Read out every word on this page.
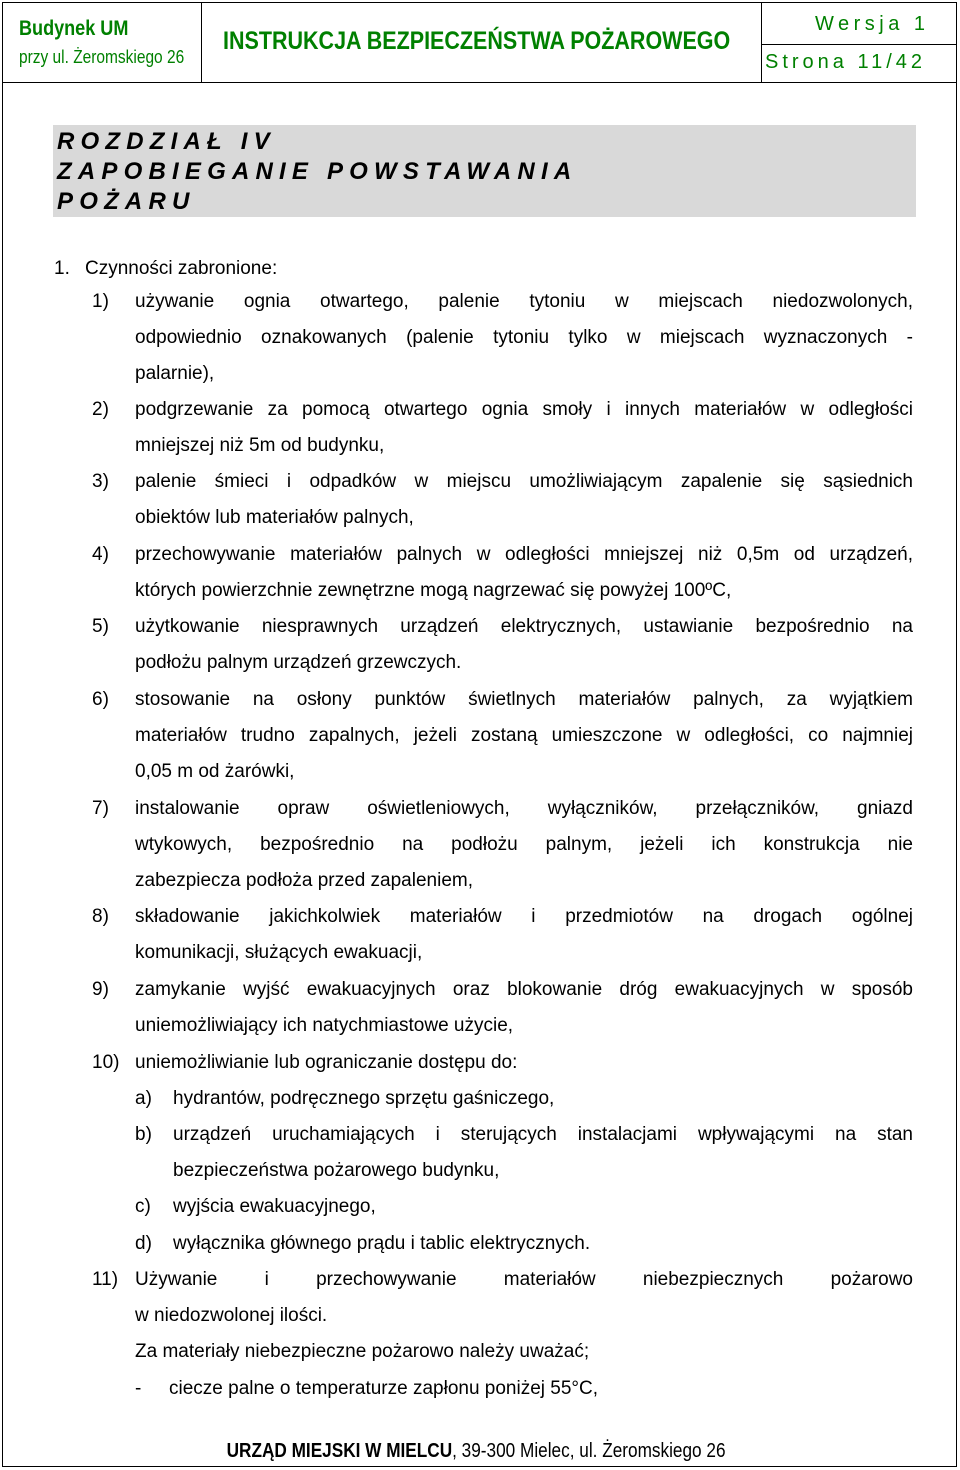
Budynek UM
przy ul. Żeromskiego 26
INSTRUKCJA BEZPIECZEŃSTWA POŻAROWEGO
Wersja 1
Strona 11/42
ROZDZIAŁ IV
ZAPOBIEGANIE POWSTAWANIA
POŻARU
1. Czynności zabronione:
1) używanie ognia otwartego, palenie tytoniu w miejscach niedozwolonych,
odpowiednio oznakowanych (palenie tytoniu tylko w miejscach wyznaczonych -
palarnie),
2) podgrzewanie za pomocą otwartego ognia smoły i innych materiałów w odległości
mniejszej niż 5m od budynku,
3) palenie śmieci i odpadków w miejscu umożliwiającym zapalenie się sąsiednich
obiektów lub materiałów palnych,
4) przechowywanie materiałów palnych w odległości mniejszej niż 0,5m od urządzeń,
których powierzchnie zewnętrzne mogą nagrzewać się powyżej 100ºC,
5) użytkowanie niesprawnych urządzeń elektrycznych, ustawianie bezpośrednio na
podłożu palnym urządzeń grzewczych.
6) stosowanie na osłony punktów świetlnych materiałów palnych, za wyjątkiem
materiałów trudno zapalnych, jeżeli zostaną umieszczone w odległości, co najmniej
0,05 m od żarówki,
7) instalowanie opraw oświetleniowych, wyłączników, przełączników, gniazd
wtykowych, bezpośrednio na podłożu palnym, jeżeli ich konstrukcja nie
zabezpiecza podłoża przed zapaleniem,
8) składowanie jakichkolwiek materiałów i przedmiotów na drogach ogólnej
komunikacji, służących ewakuacji,
9) zamykanie wyjść ewakuacyjnych oraz blokowanie dróg ewakuacyjnych w sposób
uniemożliwiający ich natychmiastowe użycie,
10) uniemożliwianie lub ograniczanie dostępu do:
a) hydrantów, podręcznego sprzętu gaśniczego,
b) urządzeń uruchamiających i sterujących instalacjami wpływającymi na stan
bezpieczeństwa pożarowego budynku,
c) wyjścia ewakuacyjnego,
d) wyłącznika głównego prądu i tablic elektrycznych.
11) Używanie i przechowywanie materiałów niebezpiecznych pożarowo
w niedozwolonej ilości.
Za materiały niebezpieczne pożarowo należy uważać;
- ciecze palne o temperaturze zapłonu poniżej 55°C,
URZĄD MIEJSKI W MIELCU, 39-300 Mielec, ul. Żeromskiego 26
